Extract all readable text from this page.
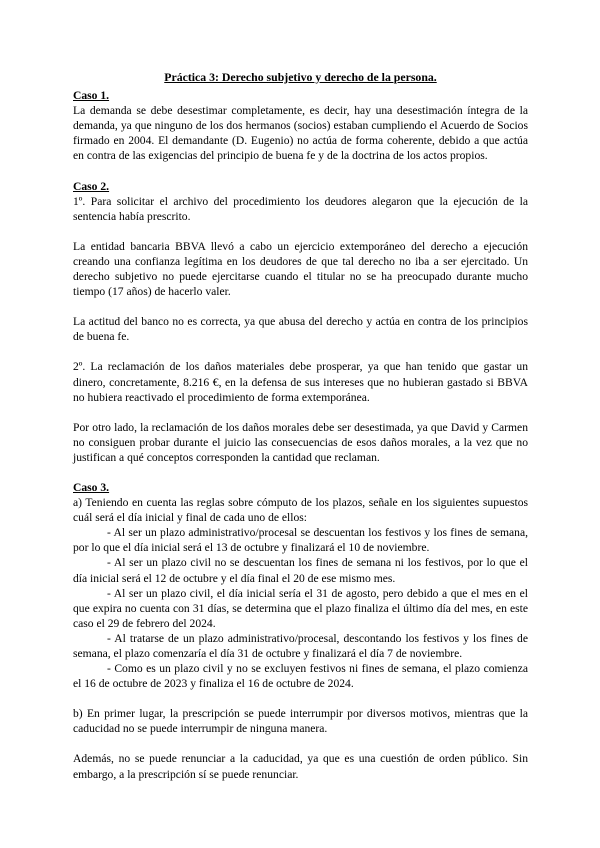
Práctica 3: Derecho subjetivo y derecho de la persona.

Caso 1.

La demanda se debe desestimar completamente, es decir, hay una desestimación íntegra de la demanda, ya que ninguno de los dos hermanos (socios) estaban cumpliendo el Acuerdo de Socios firmado en 2004. El demandante (D. Eugenio) no actúa de forma coherente, debido a que actúa en contra de las exigencias del principio de buena fe y de la doctrina de los actos propios.

Caso 2.

1º. Para solicitar el archivo del procedimiento los deudores alegaron que la ejecución de la sentencia había prescrito.

La entidad bancaria BBVA llevó a cabo un ejercicio extemporáneo del derecho a ejecución creando una confianza legítima en los deudores de que tal derecho no iba a ser ejercitado. Un derecho subjetivo no puede ejercitarse cuando el titular no se ha preocupado durante mucho tiempo (17 años) de hacerlo valer.

La actitud del banco no es correcta, ya que abusa del derecho y actúa en contra de los principios de buena fe.

2º. La reclamación de los daños materiales debe prosperar, ya que han tenido que gastar un dinero, concretamente, 8.216 €, en la defensa de sus intereses que no hubieran gastado si BBVA no hubiera reactivado el procedimiento de forma extemporánea.

Por otro lado, la reclamación de los daños morales debe ser desestimada, ya que David y Carmen no consiguen probar durante el juicio las consecuencias de esos daños morales, a la vez que no justifican a qué conceptos corresponden la cantidad que reclaman.

Caso 3.

a) Teniendo en cuenta las reglas sobre cómputo de los plazos, señale en los siguientes supuestos cuál será el día inicial y final de cada uno de ellos:

- Al ser un plazo administrativo/procesal se descuentan los festivos y los fines de semana, por lo que el día inicial será el 13 de octubre y finalizará el 10 de noviembre.

- Al ser un plazo civil no se descuentan los fines de semana ni los festivos, por lo que el día inicial será el 12 de octubre y el día final el 20 de ese mismo mes.

- Al ser un plazo civil, el día inicial sería el 31 de agosto, pero debido a que el mes en el que expira no cuenta con 31 días, se determina que el plazo finaliza el último día del mes, en este caso el 29 de febrero del 2024.

- Al tratarse de un plazo administrativo/procesal, descontando los festivos y los fines de semana, el plazo comenzaría el día 31 de octubre y finalizará el día 7 de noviembre.

- Como es un plazo civil y no se excluyen festivos ni fines de semana, el plazo comienza el 16 de octubre de 2023 y finaliza el 16 de octubre de 2024.

b) En primer lugar, la prescripción se puede interrumpir por diversos motivos, mientras que la caducidad no se puede interrumpir de ninguna manera.

Además, no se puede renunciar a la caducidad, ya que es una cuestión de orden público. Sin embargo, a la prescripción sí se puede renunciar.
